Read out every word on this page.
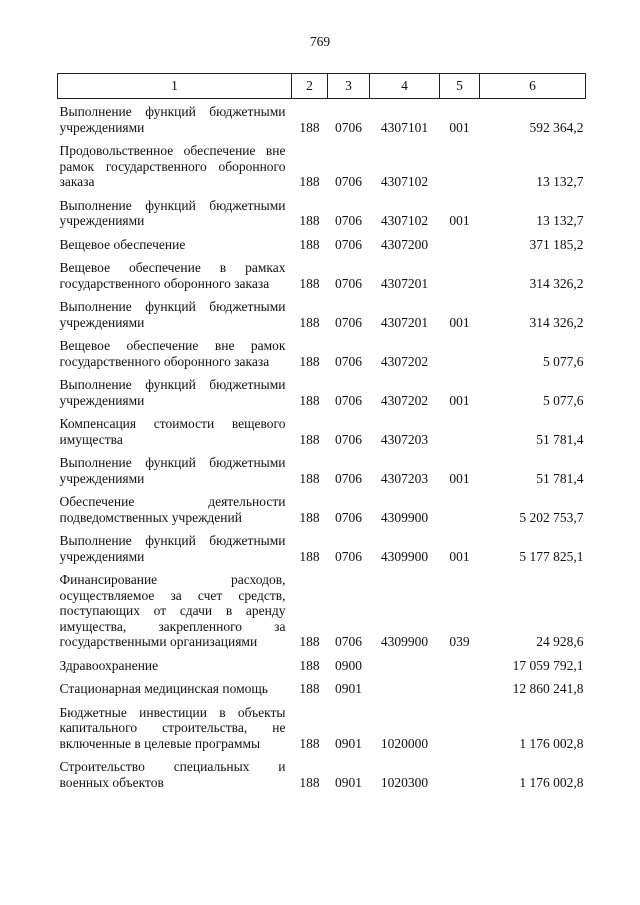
769
1	2	3	4	5	6
Выполнение функций бюджетными учреждениями	188	0706	4307101	001	592 364,2
Продовольственное обеспечение вне рамок государственного оборонного заказа	188	0706	4307102		13 132,7
Выполнение функций бюджетными учреждениями	188	0706	4307102	001	13 132,7
Вещевое обеспечение	188	0706	4307200		371 185,2
Вещевое обеспечение в рамках государственного оборонного заказа	188	0706	4307201		314 326,2
Выполнение функций бюджетными учреждениями	188	0706	4307201	001	314 326,2
Вещевое обеспечение вне рамок государственного оборонного заказа	188	0706	4307202		5 077,6
Выполнение функций бюджетными учреждениями	188	0706	4307202	001	5 077,6
Компенсация стоимости вещевого имущества	188	0706	4307203		51 781,4
Выполнение функций бюджетными учреждениями	188	0706	4307203	001	51 781,4
Обеспечение деятельности подведомственных учреждений	188	0706	4309900		5 202 753,7
Выполнение функций бюджетными учреждениями	188	0706	4309900	001	5 177 825,1
Финансирование расходов, осуществляемое за счет средств, поступающих от сдачи в аренду имущества, закрепленного за государственными организациями	188	0706	4309900	039	24 928,6
Здравоохранение	188	0900			17 059 792,1
Стационарная медицинская помощь	188	0901			12 860 241,8
Бюджетные инвестиции в объекты капитального строительства, не включенные в целевые программы	188	0901	1020000		1 176 002,8
Строительство специальных и военных объектов	188	0901	1020300		1 176 002,8
